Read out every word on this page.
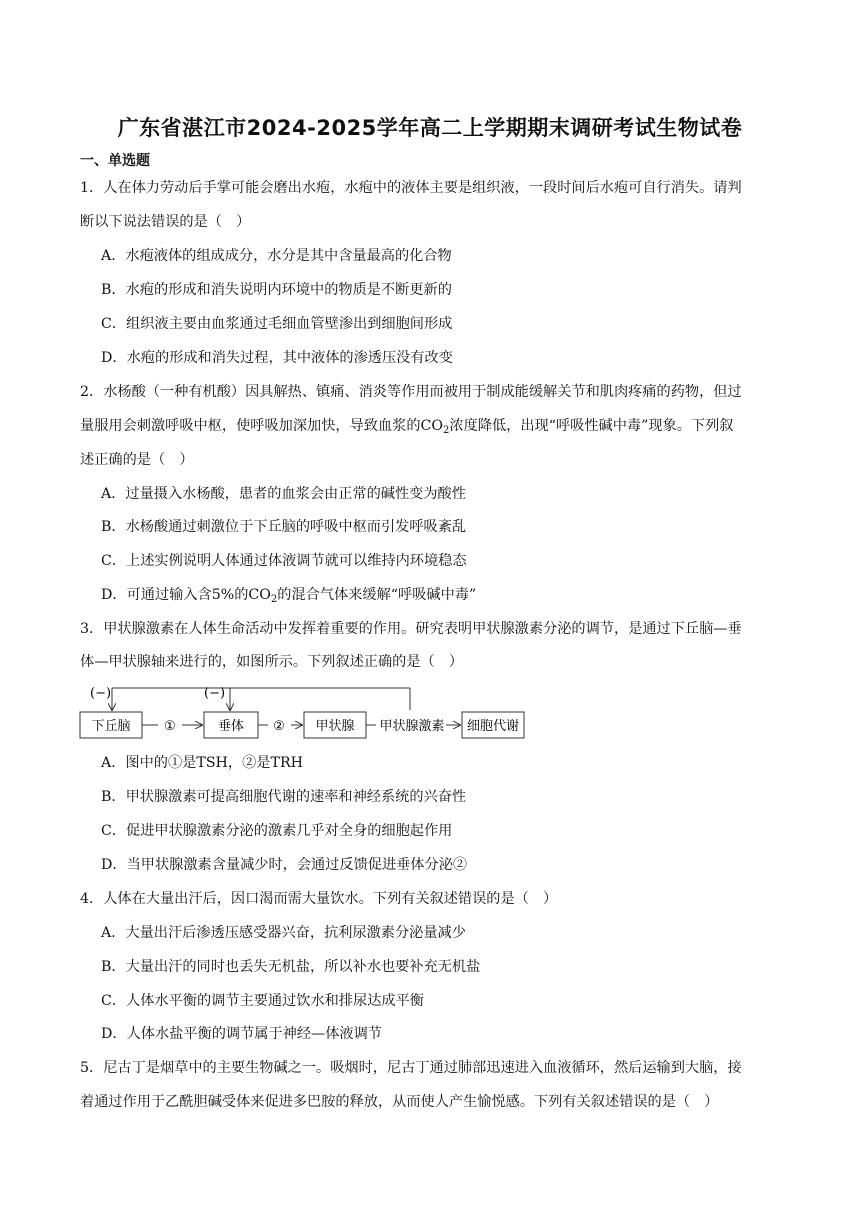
广东省湛江市2024-2025学年高二上学期期末调研考试生物试卷
一、单选题
1．人在体力劳动后手掌可能会磨出水疱，水疱中的液体主要是组织液，一段时间后水疱可自行消失。请判
断以下说法错误的是（　）
A．水疱液体的组成成分，水分是其中含量最高的化合物
B．水疱的形成和消失说明内环境中的物质是不断更新的
C．组织液主要由血浆通过毛细血管壁渗出到细胞间形成
D．水疱的形成和消失过程，其中液体的渗透压没有改变
2．水杨酸（一种有机酸）因具解热、镇痛、消炎等作用而被用于制成能缓解关节和肌肉疼痛的药物，但过
量服用会刺激呼吸中枢，使呼吸加深加快，导致血浆的$CO_2$浓度降低，出现“呼吸性碱中毒”现象。下列叙
述正确的是（　）
A．过量摄入水杨酸，患者的血浆会由正常的碱性变为酸性
B．水杨酸通过刺激位于下丘脑的呼吸中枢而引发呼吸紊乱
C．上述实例说明人体通过体液调节就可以维持内环境稳态
D．可通过输入含5%的$CO_2$的混合气体来缓解“呼吸碱中毒”
3．甲状腺激素在人体生命活动中发挥着重要的作用。研究表明甲状腺激素分泌的调节，是通过下丘脑—垂
体—甲状腺轴来进行的，如图所示。下列叙述正确的是（　）
(−)	(−)
下丘脑	①	垂体 ② 甲状腺 甲状腺激素 细胞代谢
A．图中的①是TSH，②是TRH
B．甲状腺激素可提高细胞代谢的速率和神经系统的兴奋性
C．促进甲状腺激素分泌的激素几乎对全身的细胞起作用
D．当甲状腺激素含量减少时，会通过反馈促进垂体分泌②
4．人体在大量出汗后，因口渴而需大量饮水。下列有关叙述错误的是（　）
A．大量出汗后渗透压感受器兴奋，抗利尿激素分泌量减少
B．大量出汗的同时也丢失无机盐，所以补水也要补充无机盐
C．人体水平衡的调节主要通过饮水和排尿达成平衡
D．人体水盐平衡的调节属于神经—体液调节
5．尼古丁是烟草中的主要生物碱之一。吸烟时，尼古丁通过肺部迅速进入血液循环，然后运输到大脑，接
着通过作用于乙酰胆碱受体来促进多巴胺的释放，从而使人产生愉悦感。下列有关叙述错误的是（　）
